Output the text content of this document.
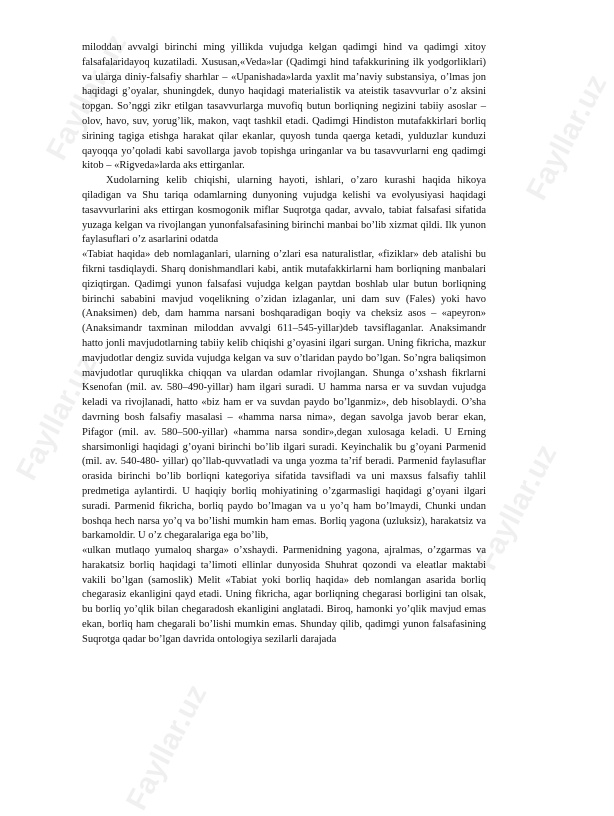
Fayllar.uz
Fayllar.uz
Fayllar.uz
Fayllar.uz
Fayllar.uz

miloddan avvalgi birinchi ming yillikda vujudga kelgan qadimgi hind va qadimgi xitoy falsafalaridayoq kuzatiladi. Xususan,«Veda»lar (Qadimgi hind tafakkurining ilk yodgorliklari) va ularga diniy-falsafiy sharhlar – «Upanishada»larda yaxlit ma’naviy substansiya, o’lmas jon haqidagi g’oyalar, shuningdek, dunyo haqidagi materialistik va ateistik tasavvurlar o’z aksini topgan. So’nggi zikr etilgan tasavvurlarga muvofiq butun borliqning negizini tabiiy asoslar – olov, havo, suv, yorug’lik, makon, vaqt tashkil etadi. Qadimgi Hindiston mutafakkirlari borliq sirining tagiga etishga harakat qilar ekanlar, quyosh tunda qaerga ketadi, yulduzlar kunduzi qayoqqa yo’qoladi kabi savollarga javob topishga uringanlar va bu tasavvurlarni eng qadimgi kitob – «Rigveda»larda aks ettirganlar.

Xudolarning kelib chiqishi, ularning hayoti, ishlari, o’zaro kurashi haqida hikoya qiladigan va Shu tariqa odamlarning dunyoning vujudga kelishi va evolyusiyasi haqidagi tasavvurlarini aks ettirgan kosmogonik miflar Suqrotga qadar, avvalo, tabiat falsafasi sifatida yuzaga kelgan va rivojlangan yunonfalsafasining birinchi manbai bo’lib xizmat qildi. Ilk yunon faylasuflari o’z asarlarini odatda

«Tabiat haqida» deb nomlaganlari, ularning o’zlari esa naturalistlar, «fiziklar» deb atalishi bu fikrni tasdiqlaydi. Sharq donishmandlari kabi, antik mutafakkirlarni ham borliqning manbalari qiziqtirgan. Qadimgi yunon falsafasi vujudga kelgan paytdan boshlab ular butun borliqning birinchi sababini mavjud voqelikning o’zidan izlaganlar, uni dam suv (Fales) yoki havo (Anaksimen) deb, dam hamma narsani boshqaradigan boqiy va cheksiz asos – «apeyron» (Anaksimandr taxminan miloddan avvalgi 611–545-yillar)deb tavsiflaganlar. Anaksimandr hatto jonli mavjudotlarning tabiiy kelib chiqishi g’oyasini ilgari surgan. Uning fikricha, mazkur mavjudotlar dengiz suvida vujudga kelgan va suv o’tlaridan paydo bo’lgan. So’ngra baliqsimon mavjudotlar quruqlikka chiqqan va ulardan odamlar rivojlangan. Shunga o’xshash fikrlarni Ksenofan (mil. av. 580–490-yillar) ham ilgari suradi. U hamma narsa er va suvdan vujudga keladi va rivojlanadi, hatto «biz ham er va suvdan paydo bo’lganmiz», deb hisoblaydi. O’sha davrning bosh falsafiy masalasi – «hamma narsa nima», degan savolga javob berar ekan, Pifagor (mil. av. 580–500-yillar) «hamma narsa sondir»,degan xulosaga keladi. U Erning sharsimonligi haqidagi g’oyani birinchi bo’lib ilgari suradi. Keyinchalik bu g’oyani Parmenid (mil. av. 540-480- yillar) qo’llab-quvvatladi va unga yozma ta’rif beradi. Parmenid faylasuflar orasida birinchi bo’lib borliqni kategoriya sifatida tavsifladi va uni maxsus falsafiy tahlil predmetiga aylantirdi. U haqiqiy borliq mohiyatining o’zgarmasligi haqidagi g’oyani ilgari suradi. Parmenid fikricha, borliq paydo bo’lmagan va u yo’q ham bo’lmaydi, Chunki undan boshqa hech narsa yo’q va bo’lishi mumkin ham emas. Borliq yagona (uzluksiz), harakatsiz va barkamoldir. U o’z chegaralariga ega bo’lib,

«ulkan mutlaqo yumaloq sharga» o’xshaydi. Parmenidning yagona, ajralmas, o’zgarmas va harakatsiz borliq haqidagi ta’limoti ellinlar dunyosida Shuhrat qozondi va eleatlar maktabi vakili bo’lgan (samoslik) Melit «Tabiat yoki borliq haqida» deb nomlangan asarida borliq chegarasiz ekanligini qayd etadi. Uning fikricha, agar borliqning chegarasi borligini tan olsak, bu borliq yo’qlik bilan chegaradosh ekanligini anglatadi. Biroq, hamonki yo’qlik mavjud emas ekan, borliq ham chegarali bo’lishi mumkin emas. Shunday qilib, qadimgi yunon falsafasining Suqrotga qadar bo’lgan davrida ontologiya sezilarli darajada
